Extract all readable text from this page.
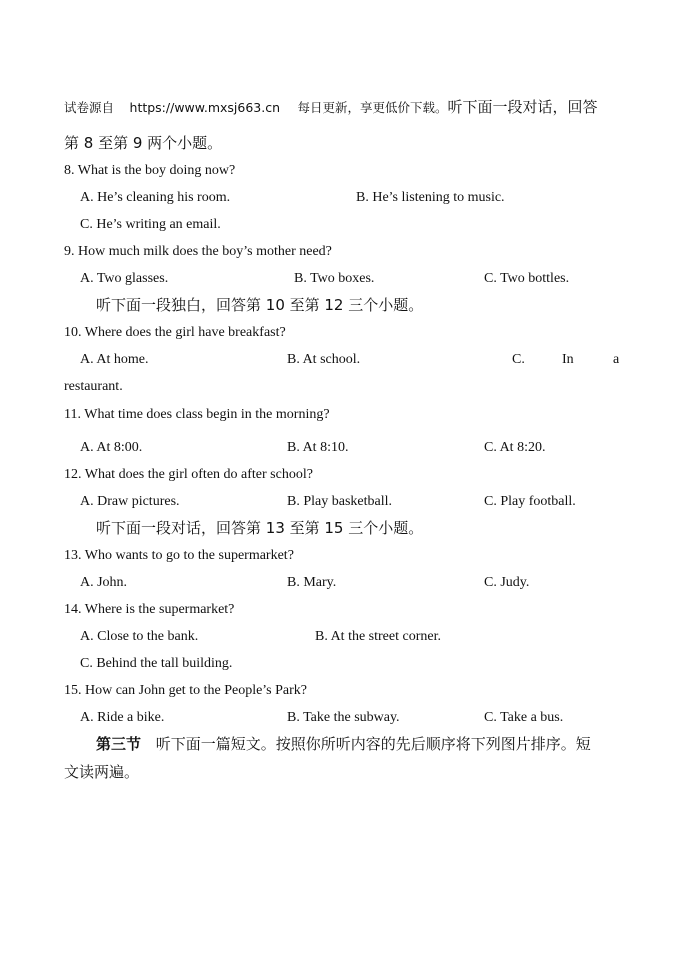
试卷源自 https://www.mxsj663.cn 每日更新，享更低价下载。听下面一段对话，回答
第 8 至第 9 两个小题。
8. What is the boy doing now?
A. He’s cleaning his room.	B. He’s listening to music.
C. He’s writing an email.
9. How much milk does the boy’s mother need?
A. Two glasses.	B. Two boxes.	C. Two bottles.
听下面一段独白，回答第 10 至第 12 三个小题。
10. Where does the girl have breakfast?
A. At home.	B. At school.	C.	In	a
restaurant.
11. What time does class begin in the morning?
A. At 8:00.	B. At 8:10.	C. At 8:20.
12. What does the girl often do after school?
A. Draw pictures.	B. Play basketball.	C. Play football.
听下面一段对话，回答第 13 至第 15 三个小题。
13. Who wants to go to the supermarket?
A. John.	B. Mary.	C. Judy.
14. Where is the supermarket?
A. Close to the bank.	B. At the street corner.
C. Behind the tall building.
15. How can John get to the People’s Park?
A. Ride a bike.	B. Take the subway.	C. Take a bus.
第三节 听下面一篇短文。按照你所听内容的先后顺序将下列图片排序。短
文读两遍。
